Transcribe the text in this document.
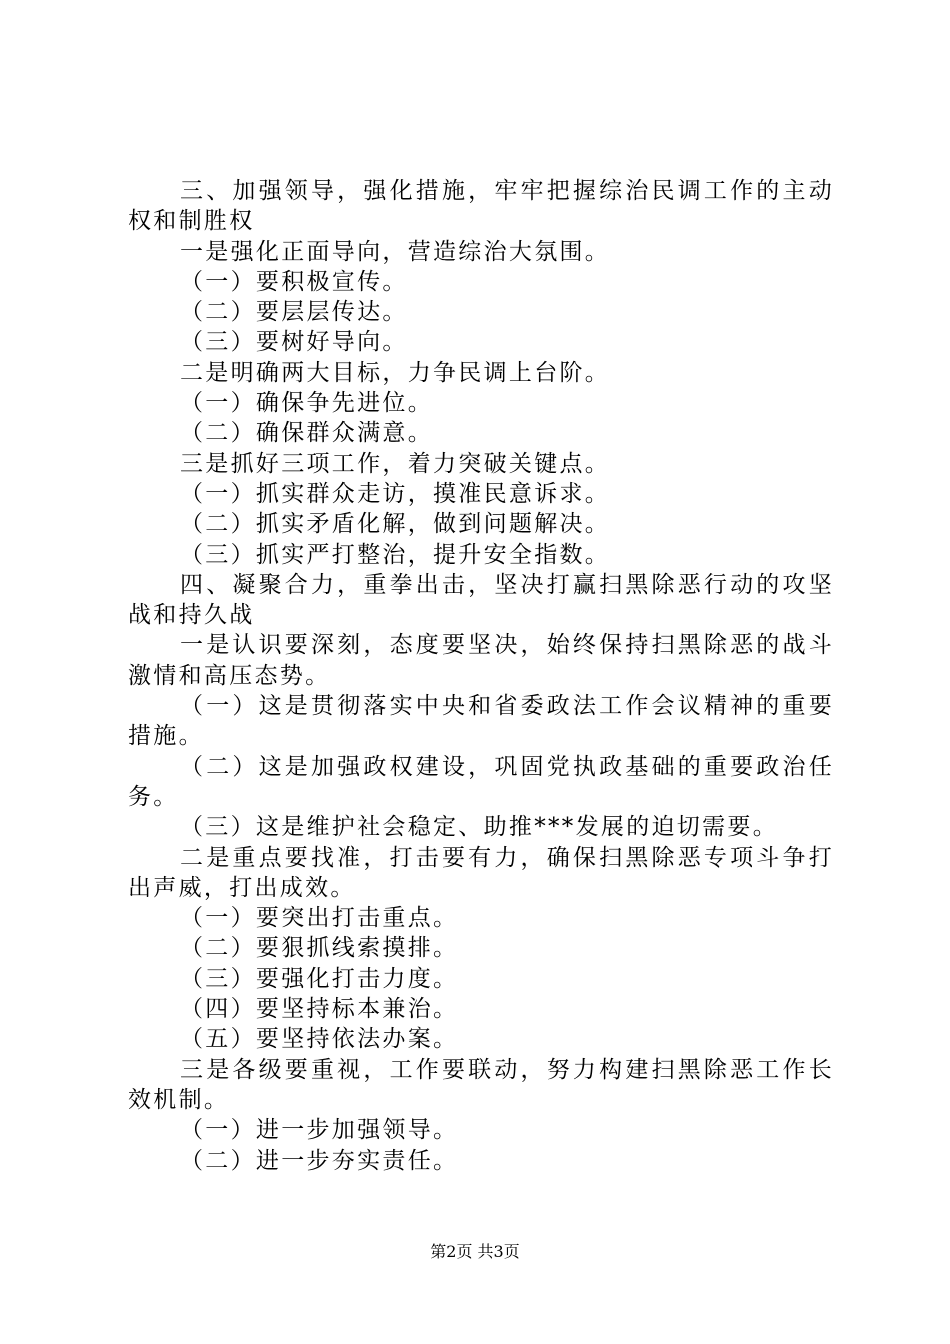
三、加强领导，强化措施，牢牢把握综治民调工作的主动权和制胜权

一是强化正面导向，营造综治大氛围。

（一）要积极宣传。

（二）要层层传达。

（三）要树好导向。

二是明确两大目标，力争民调上台阶。

（一）确保争先进位。

（二）确保群众满意。

三是抓好三项工作，着力突破关键点。

（一）抓实群众走访，摸准民意诉求。

（二）抓实矛盾化解，做到问题解决。

（三）抓实严打整治，提升安全指数。

四、凝聚合力，重拳出击，坚决打赢扫黑除恶行动的攻坚战和持久战

一是认识要深刻，态度要坚决，始终保持扫黑除恶的战斗激情和高压态势。

（一）这是贯彻落实中央和省委政法工作会议精神的重要措施。

（二）这是加强政权建设，巩固党执政基础的重要政治任务。

（三）这是维护社会稳定、助推***发展的迫切需要。

二是重点要找准，打击要有力，确保扫黑除恶专项斗争打出声威，打出成效。

（一）要突出打击重点。

（二）要狠抓线索摸排。

（三）要强化打击力度。

（四）要坚持标本兼治。

（五）要坚持依法办案。

三是各级要重视，工作要联动，努力构建扫黑除恶工作长效机制。

（一）进一步加强领导。

（二）进一步夯实责任。

第2页 共3页
